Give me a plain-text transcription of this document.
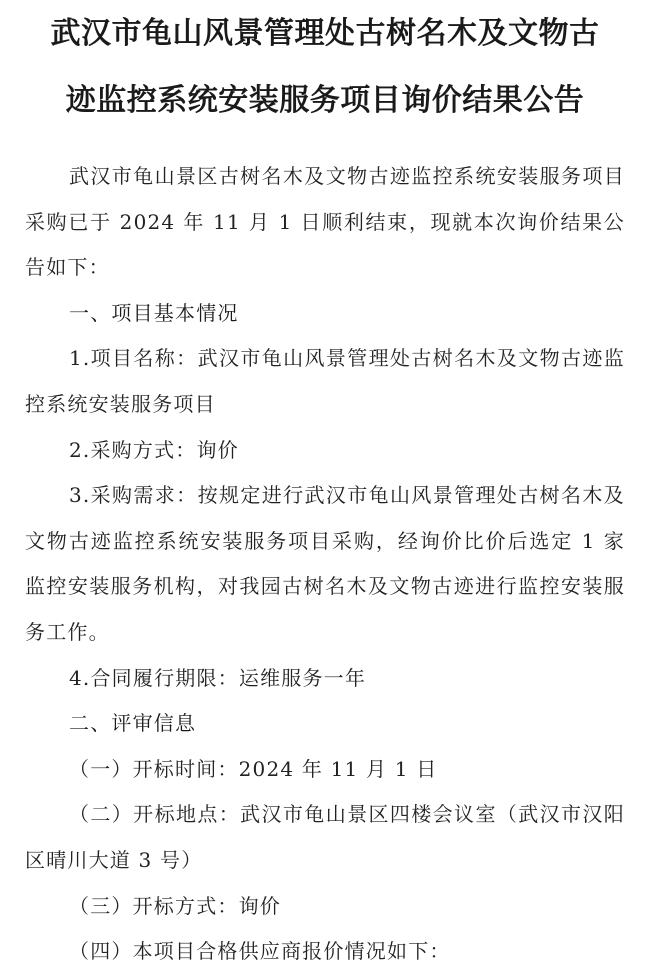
武汉市龟山风景管理处古树名木及文物古
迹监控系统安装服务项目询价结果公告

武汉市龟山景区古树名木及文物古迹监控系统安装服务项目采购已于 2024 年 11 月 1 日顺利结束，现就本次询价结果公告如下：

一、项目基本情况

1.项目名称：武汉市龟山风景管理处古树名木及文物古迹监控系统安装服务项目

2.采购方式：询价

3.采购需求：按规定进行武汉市龟山风景管理处古树名木及文物古迹监控系统安装服务项目采购，经询价比价后选定 1 家监控安装服务机构，对我园古树名木及文物古迹进行监控安装服务工作。

4.合同履行期限：运维服务一年

二、评审信息

（一）开标时间：2024 年 11 月 1 日

（二）开标地点：武汉市龟山景区四楼会议室（武汉市汉阳区晴川大道 3 号）

（三）开标方式：询价

（四）本项目合格供应商报价情况如下：
